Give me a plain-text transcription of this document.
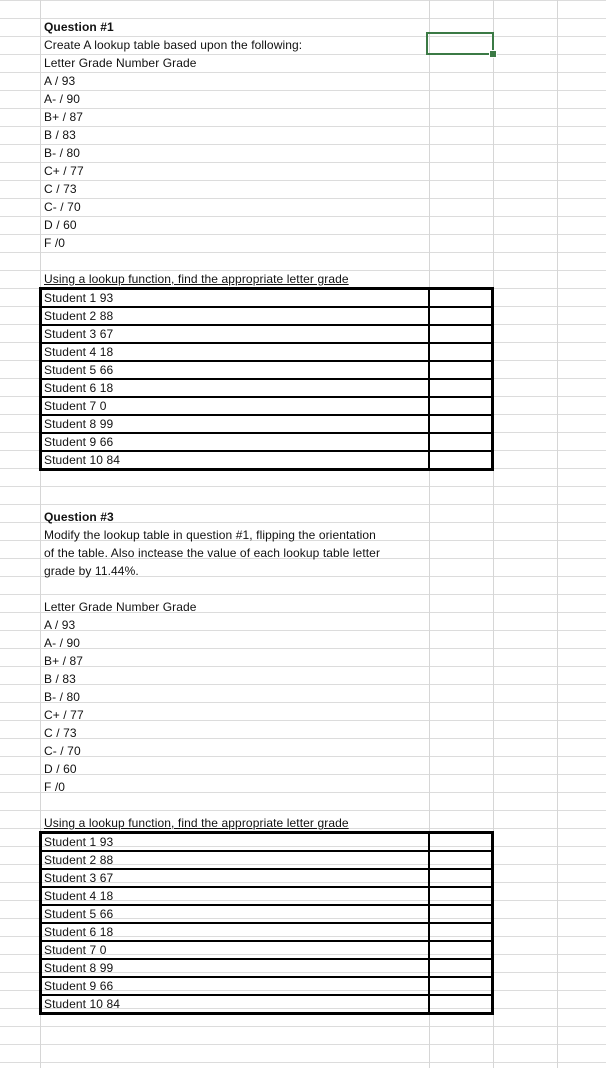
Question #1
Create A lookup table based upon the following:
Letter Grade Number Grade
A / 93
A- / 90
B+ / 87
B / 83
B- / 80
C+ / 77
C / 73
C- / 70
D / 60
F /0
Using a lookup function, find the appropriate letter grade
Student 1 93
Student 2 88
Student 3 67
Student 4 18
Student 5 66
Student 6 18
Student 7 0
Student 8 99
Student 9 66
Student 10 84
Question #3
Modify the lookup table in question #1, flipping the orientation
of the table. Also inctease the value of each lookup table letter
grade by 11.44%.
Letter Grade Number Grade
A / 93
A- / 90
B+ / 87
B / 83
B- / 80
C+ / 77
C / 73
C- / 70
D / 60
F /0
Using a lookup function, find the appropriate letter grade
Student 1 93
Student 2 88
Student 3 67
Student 4 18
Student 5 66
Student 6 18
Student 7 0
Student 8 99
Student 9 66
Student 10 84
